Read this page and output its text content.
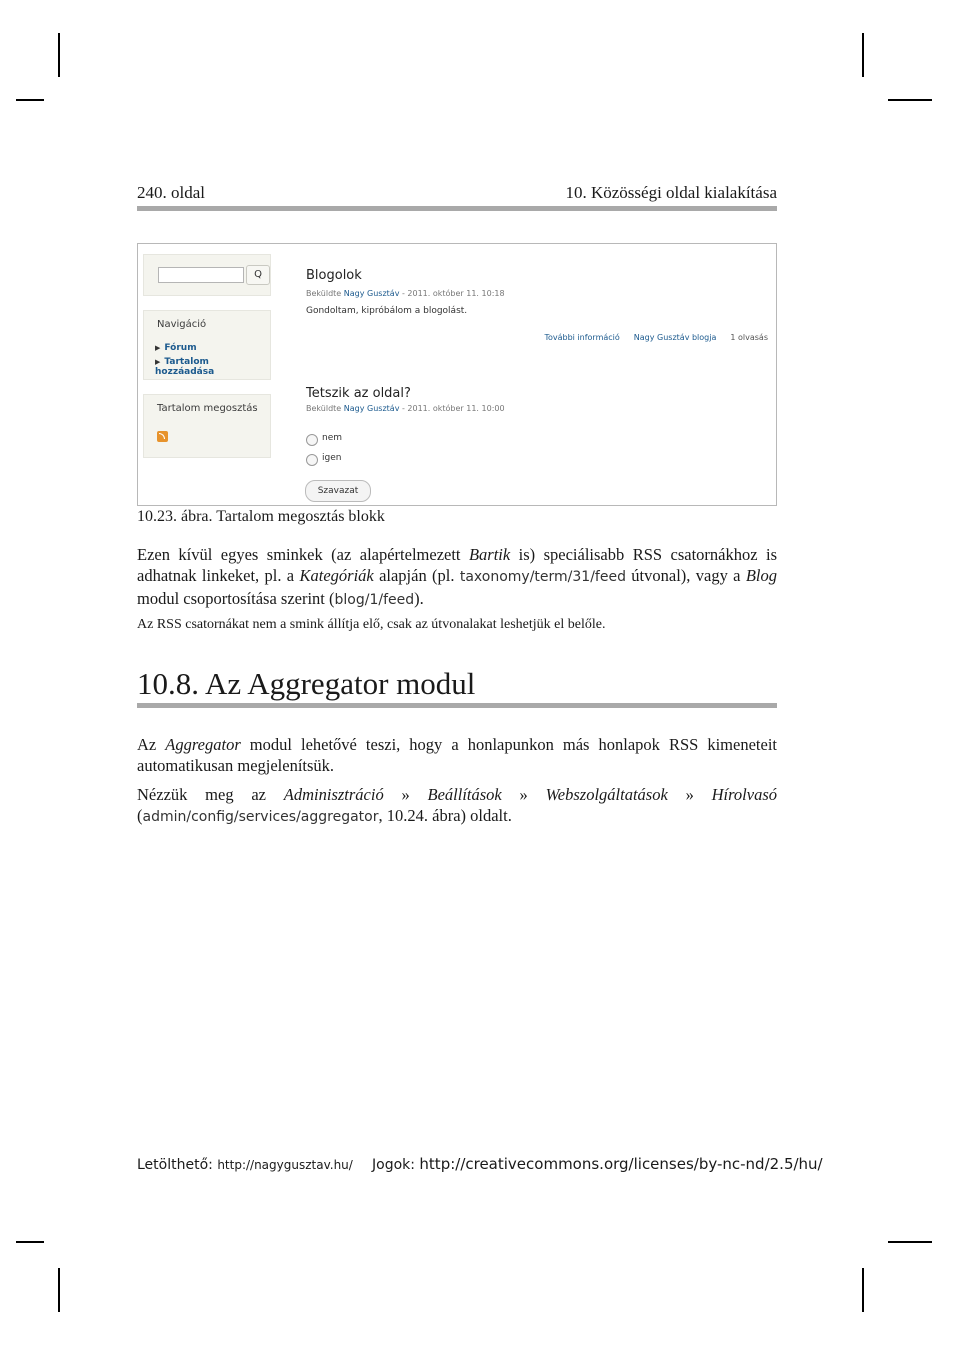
240. oldal	10. Közösségi oldal kialakítása
Q
Navigáció
▶ Fórum
▶ Tartalom hozzáadása
Tartalom megosztás
Blogolok
Beküldte Nagy Gusztáv - 2011. október 11. 10:18
Gondoltam, kipróbálom a blogolást.
További információ Nagy Gusztáv blogja 1 olvasás
Tetszik az oldal?
Beküldte Nagy Gusztáv - 2011. október 11. 10:00
nem
igen
Szavazat
10.23. ábra. Tartalom megosztás blokk
Ezen kívül egyes sminkek (az alapértelmezett Bartik is) speciálisabb RSS csatornákhoz is adhatnak linkeket, pl. a Kategóriák alapján (pl. taxonomy/term/31/feed útvonal), vagy a Blog modul csoportosítása szerint (blog/1/feed).
Az RSS csatornákat nem a smink állítja elő, csak az útvonalakat leshetjük el belőle.
10.8. Az Aggregator modul
Az Aggregator modul lehetővé teszi, hogy a honlapunkon más honlapok RSS kimeneteit automatikusan megjelenítsük.
Nézzük meg az Adminisztráció » Beállítások » Webszolgáltatások » Hírolvasó (admin/config/services/aggregator, 10.24. ábra) oldalt.
Letölthető: http://nagygusztav.hu/ Jogok: http://creativecommons.org/licenses/by-nc-nd/2.5/hu/
